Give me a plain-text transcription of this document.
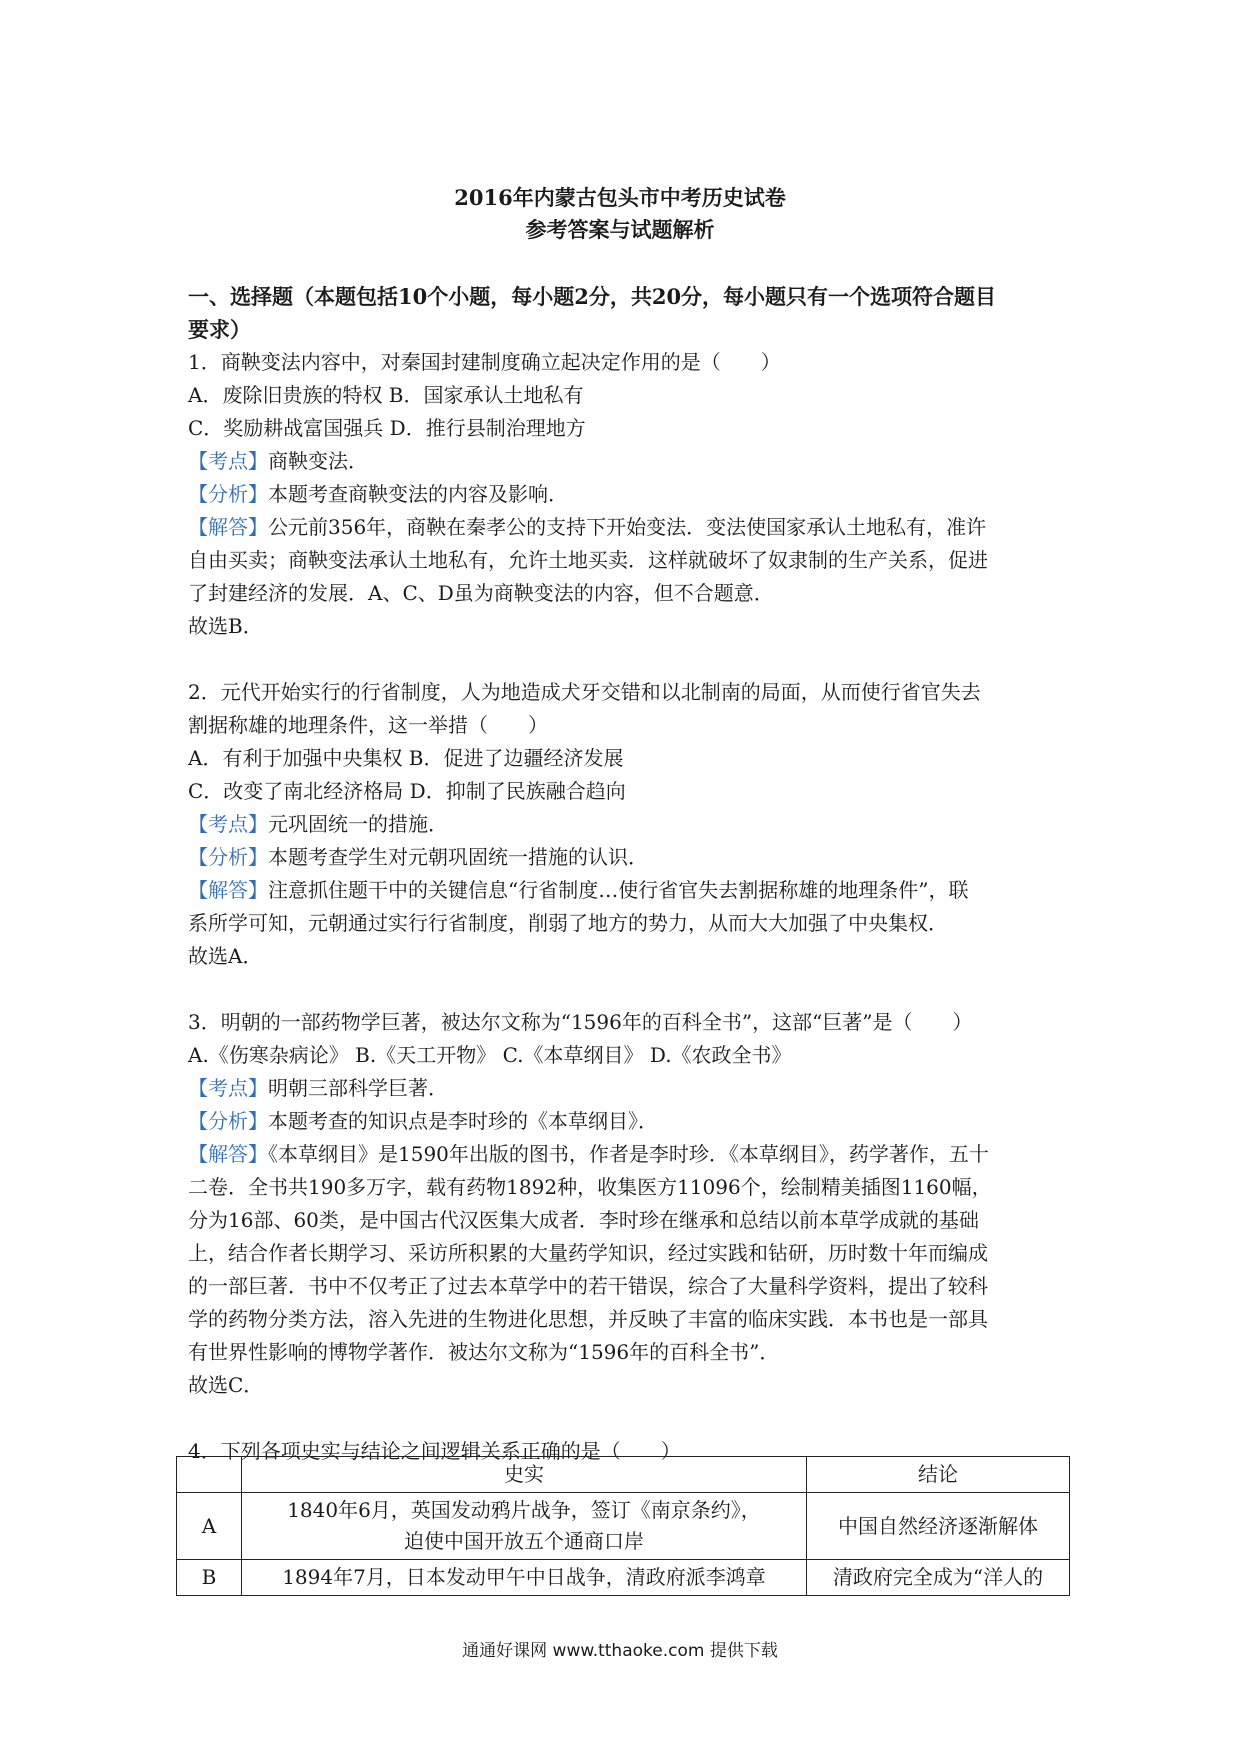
2016年内蒙古包头市中考历史试卷
参考答案与试题解析
一、选择题（本题包括10个小题，每小题2分，共20分，每小题只有一个选项符合题目
要求）
1．商鞅变法内容中，对秦国封建制度确立起决定作用的是（　　）
A．废除旧贵族的特权 B．国家承认土地私有
C．奖励耕战富国强兵 D．推行县制治理地方
【考点】商鞅变法．
【分析】本题考查商鞅变法的内容及影响．
【解答】公元前356年，商鞅在秦孝公的支持下开始变法．变法使国家承认土地私有，准许
自由买卖；商鞅变法承认土地私有，允许土地买卖．这样就破坏了奴隶制的生产关系，促进
了封建经济的发展．A、C、D虽为商鞅变法的内容，但不合题意．
故选B．
2．元代开始实行的行省制度，人为地造成犬牙交错和以北制南的局面，从而使行省官失去
割据称雄的地理条件，这一举措（　　）
A．有利于加强中央集权 B．促进了边疆经济发展
C．改变了南北经济格局 D．抑制了民族融合趋向
【考点】元巩固统一的措施．
【分析】本题考查学生对元朝巩固统一措施的认识．
【解答】注意抓住题干中的关键信息“行省制度…使行省官失去割据称雄的地理条件”，联
系所学可知，元朝通过实行行省制度，削弱了地方的势力，从而大大加强了中央集权．
故选A．
3．明朝的一部药物学巨著，被达尔文称为“1596年的百科全书”，这部“巨著”是（　　）
A.《伤寒杂病论》 B.《天工开物》 C.《本草纲目》 D.《农政全书》
【考点】明朝三部科学巨著．
【分析】本题考查的知识点是李时珍的《本草纲目》．
【解答】《本草纲目》是1590年出版的图书，作者是李时珍．《本草纲目》，药学著作，五十
二卷．全书共190多万字，载有药物1892种，收集医方11096个，绘制精美插图1160幅，
分为16部、60类，是中国古代汉医集大成者．李时珍在继承和总结以前本草学成就的基础
上，结合作者长期学习、采访所积累的大量药学知识，经过实践和钻研，历时数十年而编成
的一部巨著．书中不仅考正了过去本草学中的若干错误，综合了大量科学资料，提出了较科
学的药物分类方法，溶入先进的生物进化思想，并反映了丰富的临床实践．本书也是一部具
有世界性影响的博物学著作．被达尔文称为“1596年的百科全书”．
故选C．
4．下列各项史实与结论之间逻辑关系正确的是（　　）
	史实	结论
A	1840年6月，英国发动鸦片战争，签订《南京条约》，
迫使中国开放五个通商口岸	中国自然经济逐渐解体
B	1894年7月，日本发动甲午中日战争，清政府派李鸿章	清政府完全成为“洋人的
通通好课网 www.tthaoke.com 提供下载
